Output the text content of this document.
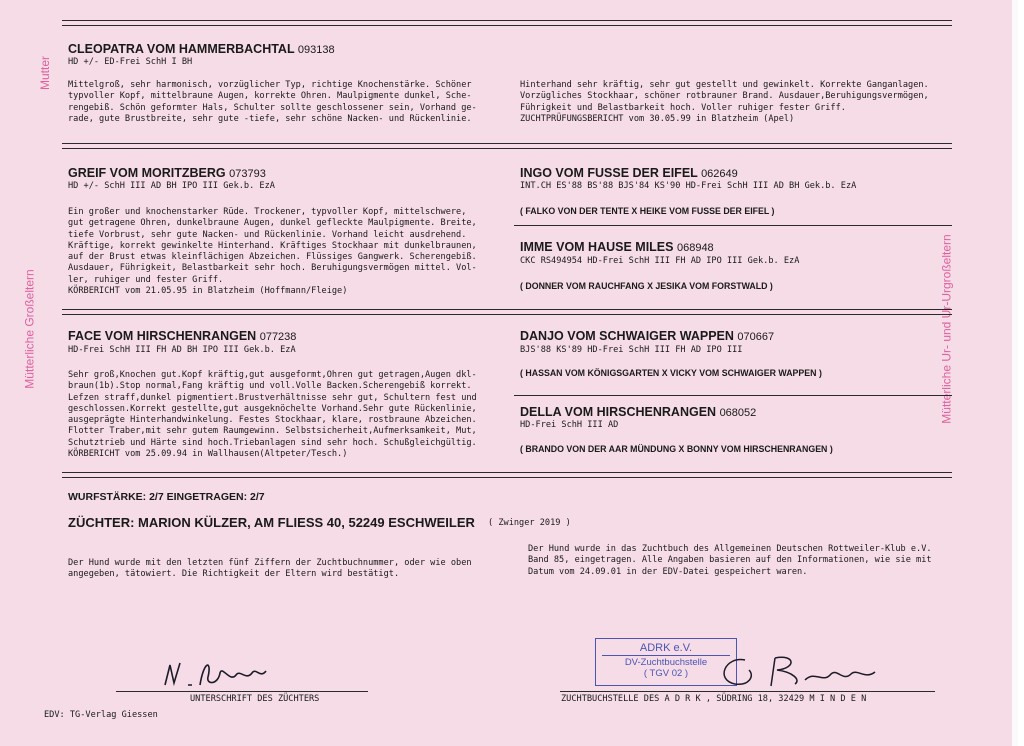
Mutter
Mütterliche Großeltern	Mütterliche Ur- und Ur-Urgroßeltern
CLEOPATRA VOM HAMMERBACHTAL 093138
HD +/- ED-Frei SchH I BH
Mittelgroß, sehr harmonisch, vorzüglicher Typ, richtige Knochenstärke. Schöner
typvoller Kopf, mittelbraune Augen, korrekte Ohren. Maulpigmente dunkel, Sche-
rengebiß. Schön geformter Hals, Schulter sollte geschlossener sein, Vorhand ge-
rade, gute Brustbreite, sehr gute -tiefe, sehr schöne Nacken- und Rückenlinie.
Hinterhand sehr kräftig, sehr gut gestellt und gewinkelt. Korrekte Ganganlagen.
Vorzügliches Stockhaar, schöner rotbrauner Brand. Ausdauer,Beruhigungsvermögen,
Führigkeit und Belastbarkeit hoch. Voller ruhiger fester Griff.
ZUCHTPRÜFUNGSBERICHT vom 30.05.99 in Blatzheim (Apel)
GREIF VOM MORITZBERG 073793
HD +/- SchH III AD BH IPO III Gek.b. EzA
Ein großer und knochenstarker Rüde. Trockener, typvoller Kopf, mittelschwere,
gut getragene Ohren, dunkelbraune Augen, dunkel gefleckte Maulpigmente. Breite,
tiefe Vorbrust, sehr gute Nacken- und Rückenlinie. Vorhand leicht ausdrehend.
Kräftige, korrekt gewinkelte Hinterhand. Kräftiges Stockhaar mit dunkelbraunen,
auf der Brust etwas kleinflächigen Abzeichen. Flüssiges Gangwerk. Scherengebiß.
Ausdauer, Führigkeit, Belastbarkeit sehr hoch. Beruhigungsvermögen mittel. Vol-
ler, ruhiger und fester Griff.
KÖRBERICHT vom 21.05.95 in Blatzheim (Hoffmann/Fleige)
INGO VOM FUSSE DER EIFEL 062649
INT.CH ES'88 BS'88 BJS'84 KS'90 HD-Frei SchH III AD BH Gek.b. EzA
( FALKO VON DER TENTE X HEIKE VOM FUSSE DER EIFEL )
IMME VOM HAUSE MILES 068948
CKC RS494954 HD-Frei SchH III FH AD IPO III Gek.b. EzA
( DONNER VOM RAUCHFANG X JESIKA VOM FORSTWALD )
FACE VOM HIRSCHENRANGEN 077238
HD-Frei SchH III FH AD BH IPO III Gek.b. EzA
Sehr groß,Knochen gut.Kopf kräftig,gut ausgeformt,Ohren gut getragen,Augen dkl-
braun(1b).Stop normal,Fang kräftig und voll.Volle Backen.Scherengebiß korrekt.
Lefzen straff,dunkel pigmentiert.Brustverhältnisse sehr gut, Schultern fest und
geschlossen.Korrekt gestellte,gut ausgeknöchelte Vorhand.Sehr gute Rückenlinie,
ausgeprägte Hinterhandwinkelung. Festes Stockhaar, klare, rostbraune Abzeichen.
Flotter Traber,mit sehr gutem Raumgewinn. Selbstsicherheit,Aufmerksamkeit, Mut,
Schutztrieb und Härte sind hoch.Triebanlagen sind sehr hoch. Schußgleichgültig.
KÖRBERICHT vom 25.09.94 in Wallhausen(Altpeter/Tesch.)
DANJO VOM SCHWAIGER WAPPEN 070667
BJS'88 KS'89 HD-Frei SchH III FH AD IPO III
( HASSAN VOM KÖNIGSGARTEN X VICKY VOM SCHWAIGER WAPPEN )
DELLA VOM HIRSCHENRANGEN 068052
HD-Frei SchH III AD
( BRANDO VON DER AAR MÜNDUNG X BONNY VOM HIRSCHENRANGEN )
WURFSTÄRKE: 2/7 EINGETRAGEN: 2/7
ZÜCHTER: MARION KÜLZER, AM FLIESS 40, 52249 ESCHWEILER ( Zwinger 2019 )
Der Hund wurde mit den letzten fünf Ziffern der Zuchtbuchnummer, oder wie oben
angegeben, tätowiert. Die Richtigkeit der Eltern wird bestätigt.
Der Hund wurde in das Zuchtbuch des Allgemeinen Deutschen Rottweiler-Klub e.V.
Band 85, eingetragen. Alle Angaben basieren auf den Informationen, wie sie mit
Datum vom 24.09.01 in der EDV-Datei gespeichert waren.
ADRK e.V.
DV-Zuchtbuchstelle
( TGV 02 )
UNTERSCHRIFT DES ZÜCHTERS	ZUCHTBUCHSTELLE DES A D R K , SÜDRING 18, 32429 M I N D E N
EDV: TG-Verlag Giessen
